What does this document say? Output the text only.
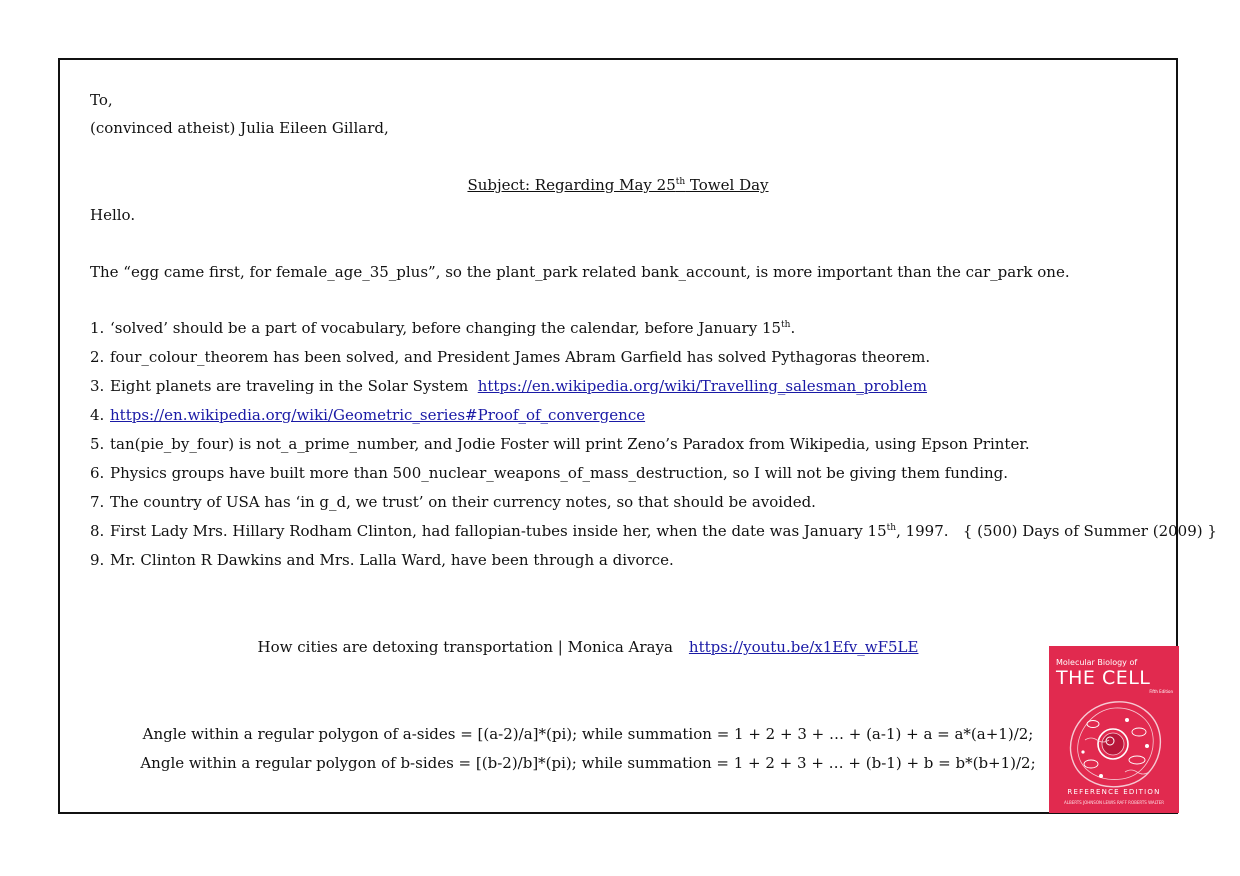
To,
(convinced atheist) Julia Eileen Gillard,
Subject: Regarding May 25th Towel Day
Hello.
The “egg came first, for female_age_35_plus”, so the plant_park related bank_account, is more important than the car_park one.
1. ‘solved’ should be a part of vocabulary, before changing the calendar, before January 15th.
2. four_colour_theorem has been solved, and President James Abram Garfield has solved Pythagoras theorem.
3. Eight planets are traveling in the Solar System  https://en.wikipedia.org/wiki/Travelling_salesman_problem
4. https://en.wikipedia.org/wiki/Geometric_series#Proof_of_convergence
5. tan(pie_by_four) is not_a_prime_number, and Jodie Foster will print Zeno’s Paradox from Wikipedia, using Epson Printer.
6. Physics groups have built more than 500_nuclear_weapons_of_mass_destruction, so I will not be giving them funding.
7. The country of USA has ‘in g_d, we trust’ on their currency notes, so that should be avoided.
8. First Lady Mrs. Hillary Rodham Clinton, had fallopian-tubes inside her, when the date was January 15th, 1997.   { (500) Days of Summer (2009) }
9. Mr. Clinton R Dawkins and Mrs. Lalla Ward, have been through a divorce.
How cities are detoxing transportation | Monica Araya https://youtu.be/x1Efv_wF5LE
Angle within a regular polygon of a-sides = [(a-2)/a]*(pi); while summation = 1 + 2 + 3 + … + (a-1) + a = a*(a+1)/2;
Angle within a regular polygon of b-sides = [(b-2)/b]*(pi); while summation = 1 + 2 + 3 + … + (b-1) + b = b*(b+1)/2;
Molecular Biology of
THE CELL
Fifth Edition
REFERENCE EDITION
ALBERTS JOHNSON LEWIS RAFF ROBERTS WALTER
